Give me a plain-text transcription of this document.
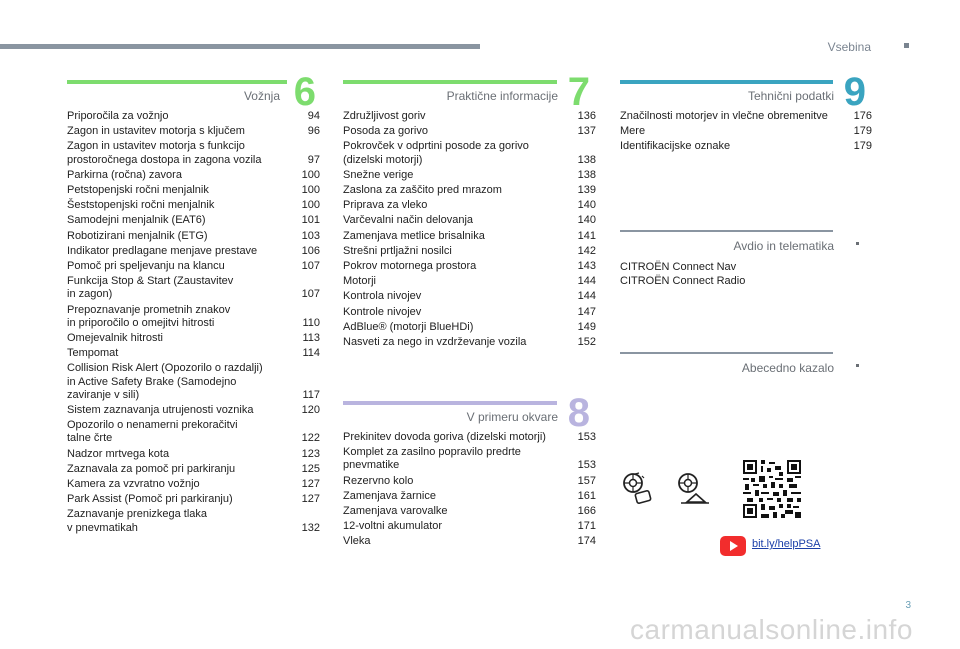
Vsebina
Vožnja 6
Priporočila za vožnjo	94
Zagon in ustavitev motorja s ključem	96
Zagon in ustavitev motorja s funkcijo
prostoročnega dostopa in zagona vozila	97
Parkirna (ročna) zavora	100
Petstopenjski ročni menjalnik	100
Šeststopenjski ročni menjalnik	100
Samodejni menjalnik (EAT6)	101
Robotizirani menjalnik (ETG)	103
Indikator predlagane menjave prestave	106
Pomoč pri speljevanju na klancu	107
Funkcija Stop & Start (Zaustavitev
in zagon)	107
Prepoznavanje prometnih znakov
in priporočilo o omejitvi hitrosti	110
Omejevalnik hitrosti	113
Tempomat	114
Collision Risk Alert (Opozorilo o razdalji)
in Active Safety Brake (Samodejno
zaviranje v sili)	117
Sistem zaznavanja utrujenosti voznika	120
Opozorilo o nenamerni prekoračitvi
talne črte	122
Nadzor mrtvega kota	123
Zaznavala za pomoč pri parkiranju	125
Kamera za vzvratno vožnjo	127
Park Assist (Pomoč pri parkiranju)	127
Zaznavanje prenizkega tlaka
v pnevmatikah	132
Praktične informacije 7
Združljivost goriv	136
Posoda za gorivo	137
Pokrovček v odprtini posode za gorivo
(dizelski motorji)	138
Snežne verige	138
Zaslona za zaščito pred mrazom	139
Priprava za vleko	140
Varčevalni način delovanja	140
Zamenjava metlice brisalnika	141
Strešni prtljažni nosilci	142
Pokrov motornega prostora	143
Motorji	144
Kontrola nivojev	144
Kontrole nivojev	147
AdBlue® (motorji BlueHDi)	149
Nasveti za nego in vzdrževanje vozila	152
V primeru okvare 8
Prekinitev dovoda goriva (dizelski motorji)	153
Komplet za zasilno popravilo predrte
pnevmatike	153
Rezervno kolo	157
Zamenjava žarnice	161
Zamenjava varovalke	166
12-voltni akumulator	171
Vleka	174
Tehnični podatki 9
Značilnosti motorjev in vlečne obremenitve	176
Mere	179
Identifikacijske oznake	179
Avdio in telematika
CITROËN Connect Nav
CITROËN Connect Radio
Abecedno kazalo
bit.ly/helpPSA
3
carmanualsonline.info
